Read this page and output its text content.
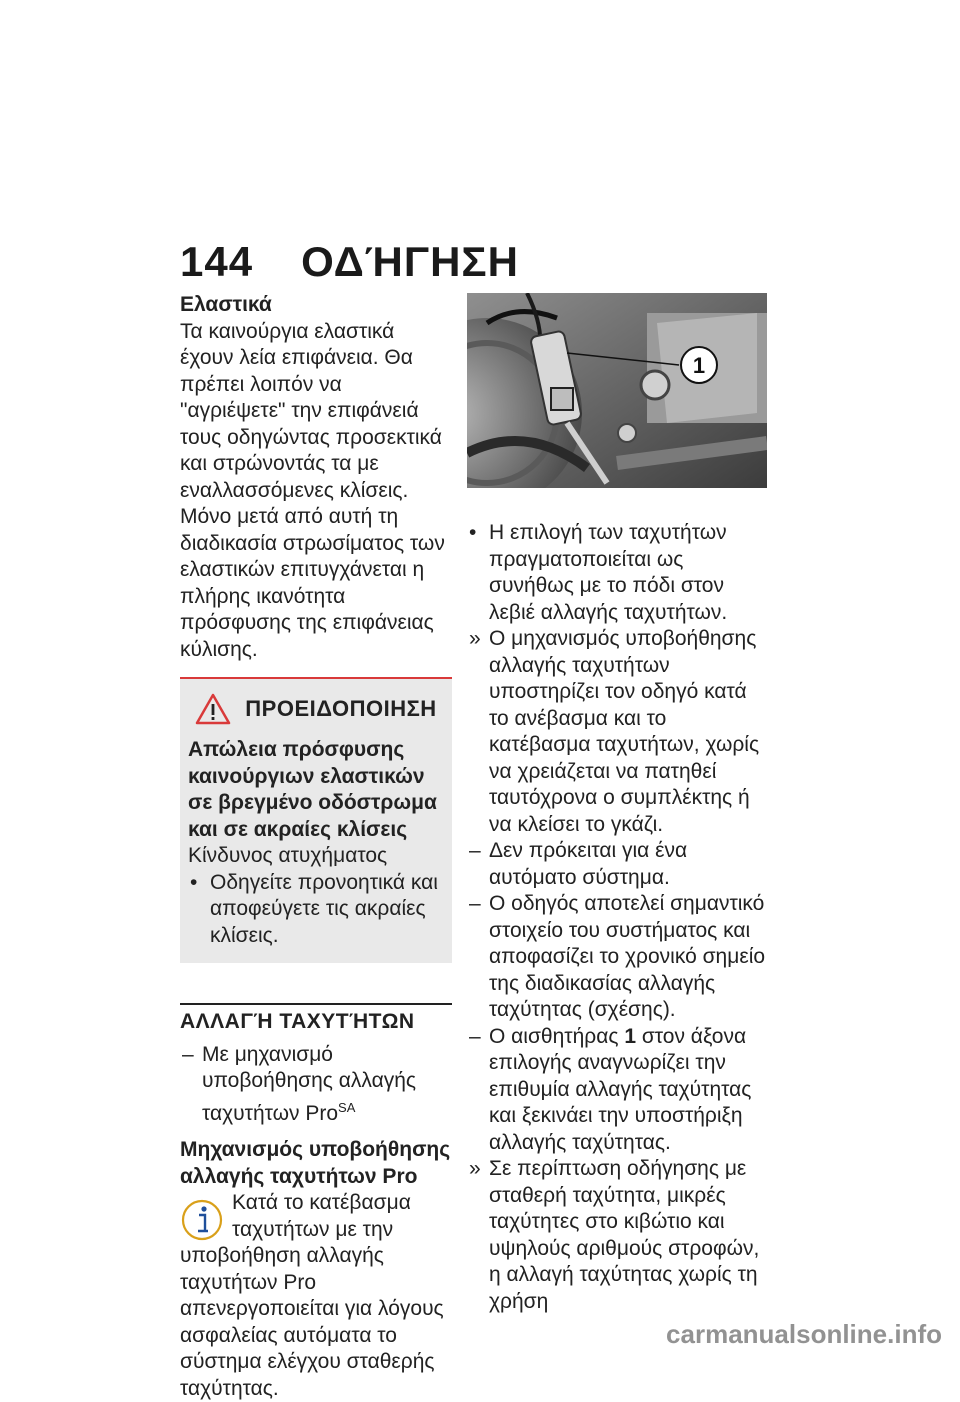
144 ΟΔΉΓΗΣΗ

Ελαστικά

Τα καινούργια ελαστικά έχουν λεία επιφάνεια. Θα πρέπει λοιπόν να "αγριέψετε" την επιφάνειά τους οδηγώντας προσεκτικά και στρώνοντάς τα με εναλλασσόμενες κλίσεις. Μόνο μετά από αυτή τη διαδικασία στρωσίματος των ελαστικών επιτυγχάνεται η πλήρης ικανότητα πρόσφυσης της επιφάνειας κύλισης.

ΠΡΟΕΙΔΟΠΟΙΗΣΗ

Απώλεια πρόσφυσης καινούργιων ελαστικών σε βρεγμένο οδόστρωμα και σε ακραίες κλίσεις

Κίνδυνος ατυχήματος

• Οδηγείτε προνοητικά και αποφεύγετε τις ακραίες κλίσεις.
ΑΛΛΑΓΉ ΤΑΧΥΤΉΤΩΝ
– Με μηχανισμό υποβοήθησης αλλαγής ταχυτήτων Pro$^{SA}$

Μηχανισμός υποβοήθησης αλλαγής ταχυτήτων Pro

Κατά το κατέβασμα ταχυτήτων με την υποβοήθηση αλλαγής ταχυτήτων Pro απενεργοποιείται για λόγους ασφαλείας αυτόματα το σύστημα ελέγχου σταθερής ταχύτητας.

1
• Η επιλογή των ταχυτήτων πραγματοποιείται ως συνήθως με το πόδι στον λεβιέ αλλαγής ταχυτήτων.
» Ο μηχανισμός υποβοήθησης αλλαγής ταχυτήτων υποστηρίζει τον οδηγό κατά το ανέβασμα και το κατέβασμα ταχυτήτων, χωρίς να χρειάζεται να πατηθεί ταυτόχρονα ο συμπλέκτης ή να κλείσει το γκάζι.
– Δεν πρόκειται για ένα αυτόματο σύστημα.
– Ο οδηγός αποτελεί σημαντικό στοιχείο του συστήματος και αποφασίζει το χρονικό σημείο της διαδικασίας αλλαγής ταχύτητας (σχέσης).
– Ο αισθητήρας 1 στον άξονα επιλογής αναγνωρίζει την επιθυμία αλλαγής ταχύτητας και ξεκινάει την υποστήριξη αλλαγής ταχύτητας.
» Σε περίπτωση οδήγησης με σταθερή ταχύτητα, μικρές ταχύτητες στο κιβώτιο και υψηλούς αριθμούς στροφών, η αλλαγή ταχύτητας χωρίς τη χρήση
carmanualsonline.info
